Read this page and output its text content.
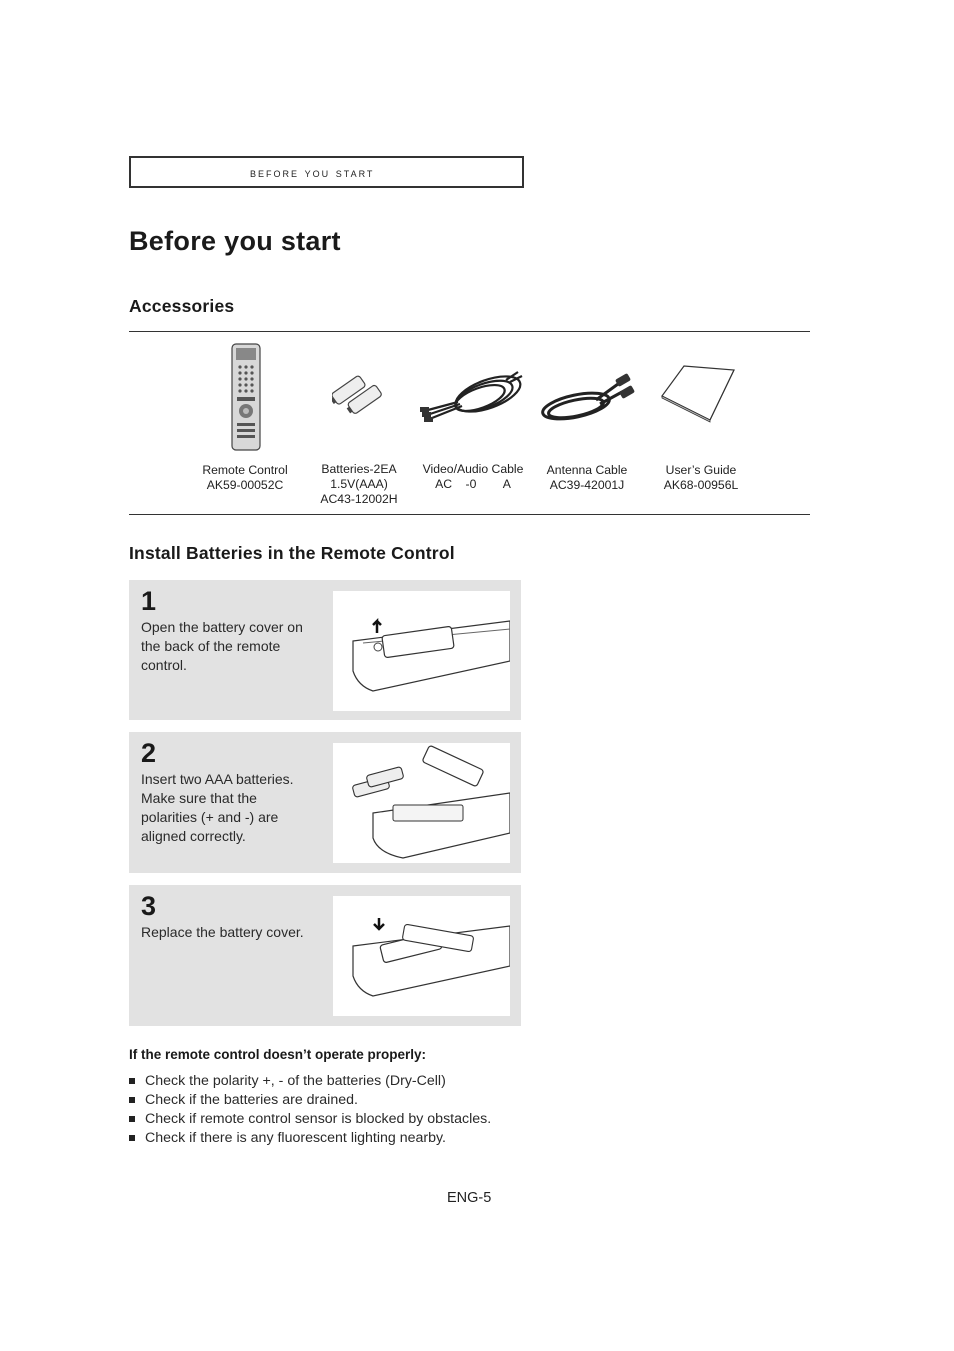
before you start
Before you start
Accessories
Remote Control
AK59-00052C
Batteries-2EA
1.5V(AAA)
AC43-12002H
Video/Audio Cable
AC    -0        A
Antenna Cable
AC39-42001J
User’s Guide
AK68-00956L
Install Batteries in the Remote Control
1
Open the battery cover on the back of the remote control.
2
Insert two AAA batteries. Make sure that the polarities (+ and -) are aligned correctly.
3
Replace the battery cover.
If the remote control doesn’t operate properly:
Check the polarity +, - of the batteries (Dry-Cell)
Check if the batteries are drained.
Check if remote control sensor is blocked by obstacles.
Check if there is any fluorescent lighting nearby.
ENG-5
